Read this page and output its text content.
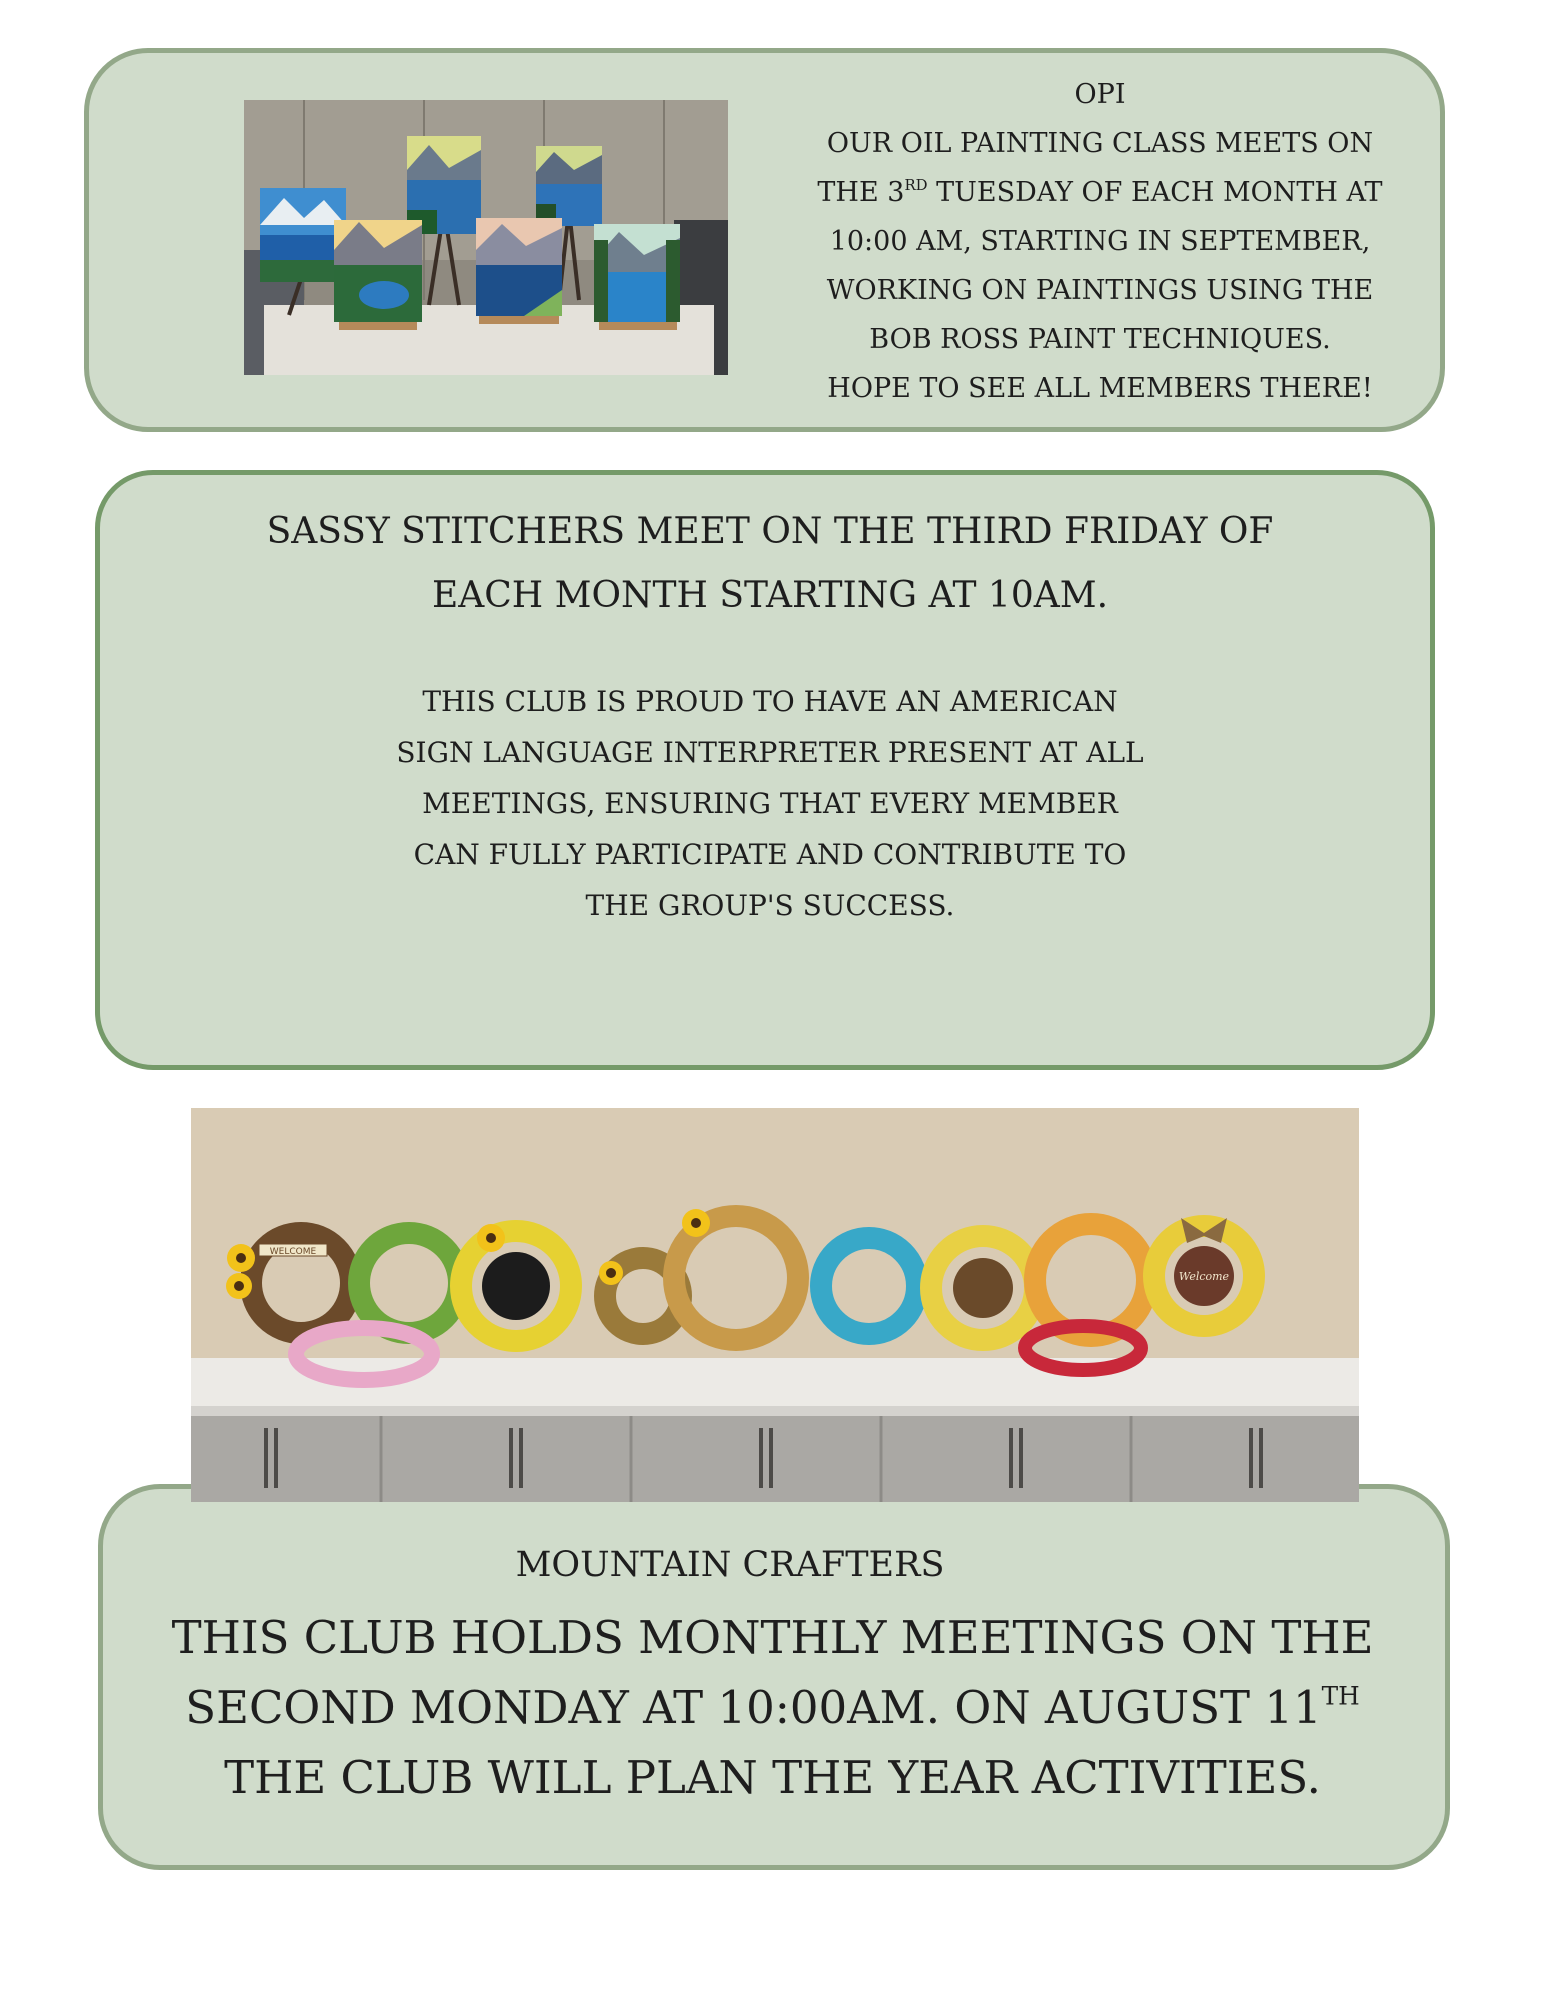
OPI

OUR OIL PAINTING CLASS MEETS ON

THE 3RD TUESDAY OF EACH MONTH AT

10:00 AM, STARTING IN SEPTEMBER,

WORKING ON PAINTINGS USING THE

BOB ROSS PAINT TECHNIQUES.

HOPE TO SEE ALL MEMBERS THERE!

SASSY STITCHERS MEET ON THE THIRD FRIDAY OF

EACH MONTH STARTING AT 10AM.

THIS CLUB IS PROUD TO HAVE AN AMERICAN

SIGN LANGUAGE INTERPRETER PRESENT AT ALL

MEETINGS, ENSURING THAT EVERY MEMBER

CAN FULLY PARTICIPATE AND CONTRIBUTE TO

THE GROUP'S SUCCESS.

WELCOME
Welcome
MOUNTAIN CRAFTERS

THIS CLUB HOLDS MONTHLY MEETINGS ON THE

SECOND MONDAY AT 10:00AM. ON AUGUST 11TH

THE CLUB WILL PLAN THE YEAR ACTIVITIES.
